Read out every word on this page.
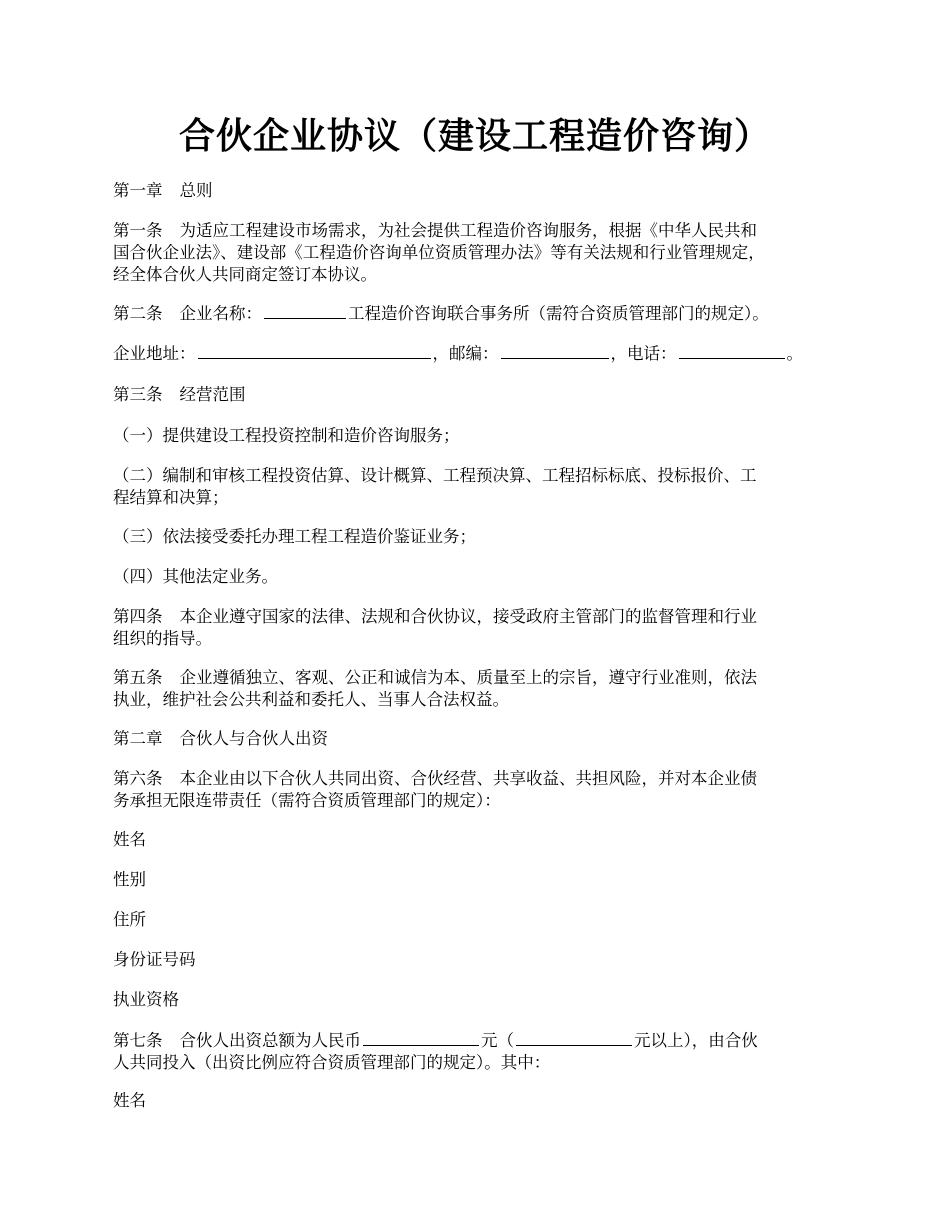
合伙企业协议（建设工程造价咨询）
第一章 总则
第一条 为适应工程建设市场需求，为社会提供工程造价咨询服务，根据《中华人民共和
国合伙企业法》、建设部《工程造价咨询单位资质管理办法》等有关法规和行业管理规定，
经全体合伙人共同商定签订本协议。
第二条 企业名称：	工程造价咨询联合事务所（需符合资质管理部门的规定）。
企业地址：	，邮编：	，电话：	。
第三条 经营范围
（一）提供建设工程投资控制和造价咨询服务；
（二）编制和审核工程投资估算、设计概算、工程预决算、工程招标标底、投标报价、工
程结算和决算；
（三）依法接受委托办理工程工程造价鉴证业务；
（四）其他法定业务。
第四条 本企业遵守国家的法律、法规和合伙协议，接受政府主管部门的监督管理和行业
组织的指导。
第五条 企业遵循独立、客观、公正和诚信为本、质量至上的宗旨，遵守行业准则，依法
执业，维护社会公共利益和委托人、当事人合法权益。
第二章 合伙人与合伙人出资
第六条 本企业由以下合伙人共同出资、合伙经营、共享收益、共担风险，并对本企业债
务承担无限连带责任（需符合资质管理部门的规定）：
姓名
性别
住所
身份证号码
执业资格
第七条 合伙人出资总额为人民币	元（	元以上），由合伙
人共同投入（出资比例应符合资质管理部门的规定）。其中：
姓名
